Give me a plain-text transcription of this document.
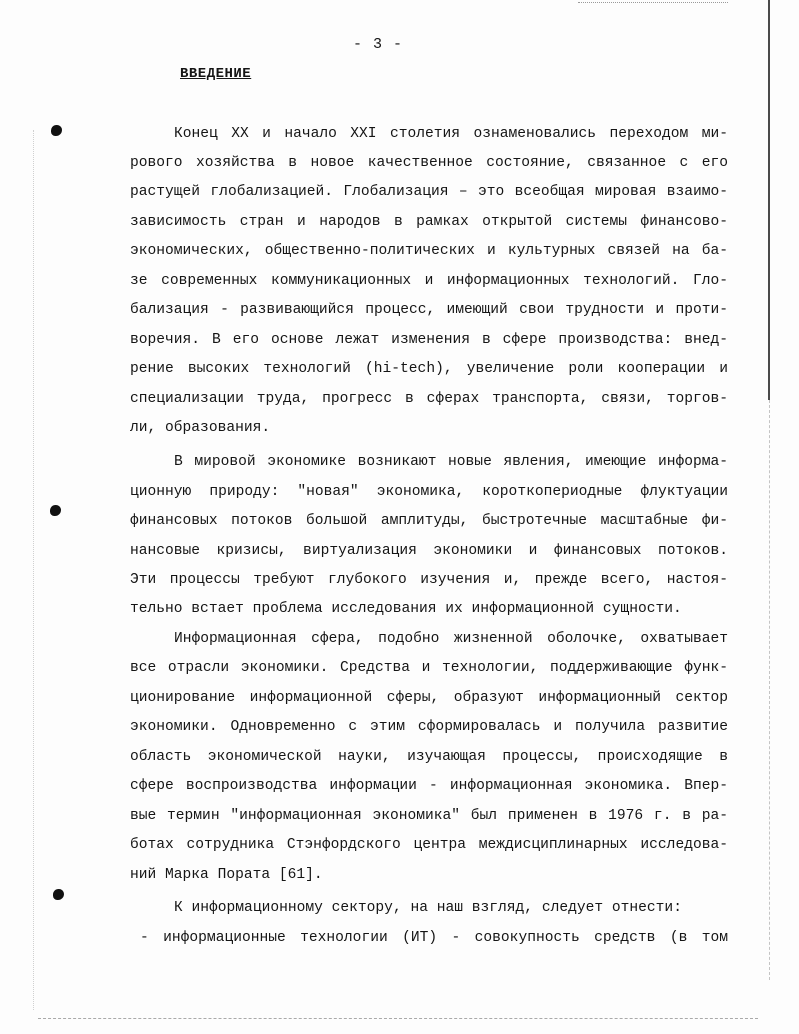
- 3 -
ВВЕДЕНИЕ
Конец XX и начало XXI столетия ознаменовались переходом ми-
рового хозяйства в новое качественное состояние, связанное с его
растущей глобализацией. Глобализация – это всеобщая мировая взаимо-
зависимость стран и народов в рамках открытой системы финансово-
экономических, общественно-политических и культурных связей на ба-
зе современных коммуникационных и информационных технологий. Гло-
бализация - развивающийся процесс, имеющий свои трудности и проти-
воречия. В его основе лежат изменения в сфере производства: внед-
рение высоких технологий (hi-tech), увеличение роли кооперации и
специализации труда, прогресс в сферах транспорта, связи, торгов-
ли, образования.
В мировой экономике возникают новые явления, имеющие информа-
ционную природу: "новая" экономика, короткопериодные флуктуации
финансовых потоков большой амплитуды, быстротечные масштабные фи-
нансовые кризисы, виртуализация экономики и финансовых потоков.
Эти процессы требуют глубокого изучения и, прежде всего, настоя-
тельно встает проблема исследования их информационной сущности.
Информационная сфера, подобно жизненной оболочке, охватывает
все отрасли экономики. Средства и технологии, поддерживающие функ-
ционирование информационной сферы, образуют информационный сектор
экономики. Одновременно с этим сформировалась и получила развитие
область экономической науки, изучающая процессы, происходящие в
сфере воспроизводства информации - информационная экономика. Впер-
вые термин "информационная экономика" был применен в 1976 г. в ра-
ботах сотрудника Стэнфордского центра междисциплинарных исследова-
ний Марка Пората [61].
К информационному сектору, на наш взгляд, следует отнести:
- информационные технологии (ИТ) - совокупность средств (в том
